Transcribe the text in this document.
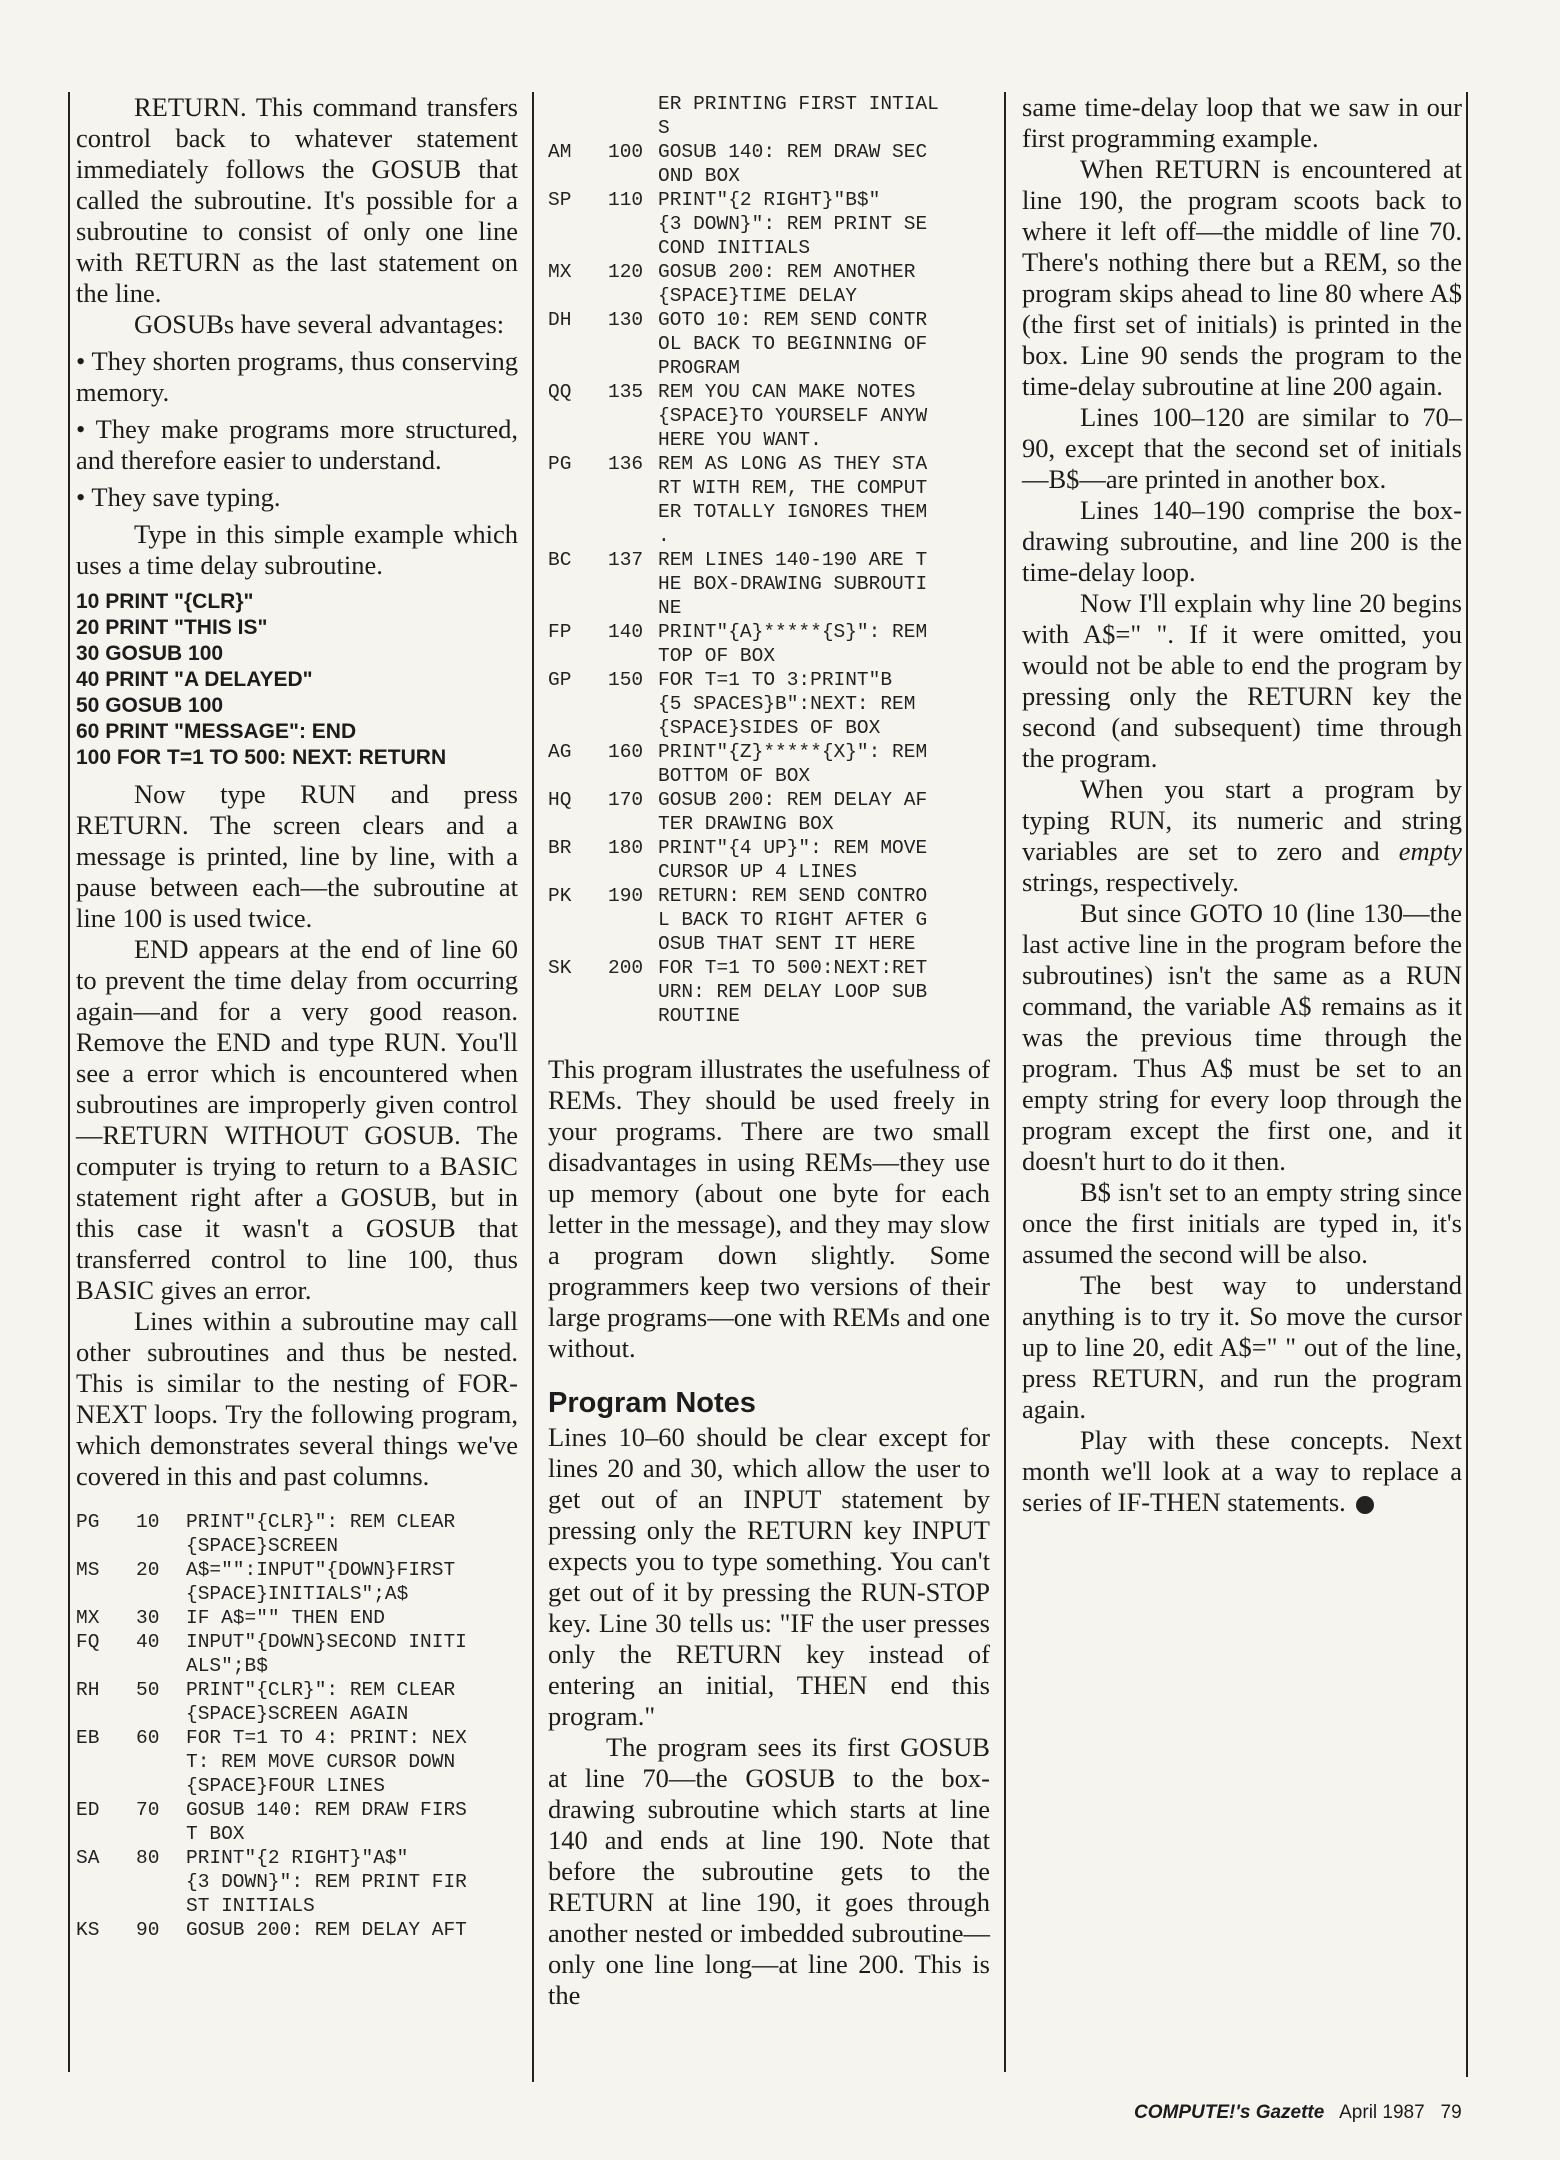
RETURN. This command transfers control back to whatever statement immediately follows the GOSUB that called the subroutine. It's possible for a subroutine to consist of only one line with RETURN as the last statement on the line.

GOSUBs have several advantages:

• They shorten programs, thus conserving memory.

• They make programs more structured, and therefore easier to understand.

• They save typing.

Type in this simple example which uses a time delay subroutine.

10 PRINT "{CLR}"
20 PRINT "THIS IS"
30 GOSUB 100
40 PRINT "A DELAYED"
50 GOSUB 100
60 PRINT "MESSAGE": END
100 FOR T=1 TO 500: NEXT: RETURN

Now type RUN and press RETURN. The screen clears and a message is printed, line by line, with a pause between each—the subroutine at line 100 is used twice.

END appears at the end of line 60 to prevent the time delay from occurring again—and for a very good reason. Remove the END and type RUN. You'll see a error which is encountered when subroutines are improperly given control—RETURN WITHOUT GOSUB. The computer is trying to return to a BASIC statement right after a GOSUB, but in this case it wasn't a GOSUB that transferred control to line 100, thus BASIC gives an error.

Lines within a subroutine may call other subroutines and thus be nested. This is similar to the nesting of FOR-NEXT loops. Try the following program, which demonstrates several things we've covered in this and past columns.

PG	10	PRINT"{CLR}": REM CLEAR
{SPACE}SCREEN
MS	20	A$="":INPUT"{DOWN}FIRST
{SPACE}INITIALS";A$
MX	30	IF A$="" THEN END
FQ	40	INPUT"{DOWN}SECOND INITI
ALS";B$
RH	50	PRINT"{CLR}": REM CLEAR
{SPACE}SCREEN AGAIN
EB	60	FOR T=1 TO 4: PRINT: NEX
T: REM MOVE CURSOR DOWN
{SPACE}FOUR LINES
ED	70	GOSUB 140: REM DRAW FIRS
T BOX
SA	80	PRINT"{2 RIGHT}"A$"
{3 DOWN}": REM PRINT FIR
ST INITIALS
KS	90	GOSUB 200: REM DELAY AFT
ER PRINTING FIRST INTIAL
S
AM	100 GOSUB 140: REM DRAW SEC
OND BOX
SP	110 PRINT"{2 RIGHT}"B$"
{3 DOWN}": REM PRINT SE
COND INITIALS
MX	120 GOSUB 200: REM ANOTHER
{SPACE}TIME DELAY
DH	130 GOTO 10: REM SEND CONTR
OL BACK TO BEGINNING OF
PROGRAM
QQ	135 REM YOU CAN MAKE NOTES
{SPACE}TO YOURSELF ANYW
HERE YOU WANT.
PG	136 REM AS LONG AS THEY STA
RT WITH REM, THE COMPUT
ER TOTALLY IGNORES THEM
.
BC	137 REM LINES 140-190 ARE T
HE BOX-DRAWING SUBROUTI
NE
FP	140 PRINT"{A}*****{S}": REM
TOP OF BOX
GP	150 FOR T=1 TO 3:PRINT"B
{5 SPACES}B":NEXT: REM
{SPACE}SIDES OF BOX
AG	160 PRINT"{Z}*****{X}": REM
BOTTOM OF BOX
HQ	170 GOSUB 200: REM DELAY AF
TER DRAWING BOX
BR	180 PRINT"{4 UP}": REM MOVE
CURSOR UP 4 LINES
PK	190 RETURN: REM SEND CONTRO
L BACK TO RIGHT AFTER G
OSUB THAT SENT IT HERE
SK	200 FOR T=1 TO 500:NEXT:RET
URN: REM DELAY LOOP SUB
ROUTINE

This program illustrates the usefulness of REMs. They should be used freely in your programs. There are two small disadvantages in using REMs—they use up memory (about one byte for each letter in the message), and they may slow a program down slightly. Some programmers keep two versions of their large programs—one with REMs and one without.

Program Notes

Lines 10–60 should be clear except for lines 20 and 30, which allow the user to get out of an INPUT statement by pressing only the RETURN key INPUT expects you to type something. You can't get out of it by pressing the RUN-STOP key. Line 30 tells us: "IF the user presses only the RETURN key instead of entering an initial, THEN end this program."

The program sees its first GOSUB at line 70—the GOSUB to the box-drawing subroutine which starts at line 140 and ends at line 190. Note that before the subroutine gets to the RETURN at line 190, it goes through another nested or imbedded subroutine—only one line long—at line 200. This is the

same time-delay loop that we saw in our first programming example.

When RETURN is encountered at line 190, the program scoots back to where it left off—the middle of line 70. There's nothing there but a REM, so the program skips ahead to line 80 where A$ (the first set of initials) is printed in the box. Line 90 sends the program to the time-delay subroutine at line 200 again.

Lines 100–120 are similar to 70–90, except that the second set of initials—B$—are printed in another box.

Lines 140–190 comprise the box-drawing subroutine, and line 200 is the time-delay loop.

Now I'll explain why line 20 begins with A$=" ". If it were omitted, you would not be able to end the program by pressing only the RETURN key the second (and subsequent) time through the program.

When you start a program by typing RUN, its numeric and string variables are set to zero and empty strings, respectively.

But since GOTO 10 (line 130—the last active line in the program before the subroutines) isn't the same as a RUN command, the variable A$ remains as it was the previous time through the program. Thus A$ must be set to an empty string for every loop through the program except the first one, and it doesn't hurt to do it then.

B$ isn't set to an empty string since once the first initials are typed in, it's assumed the second will be also.

The best way to understand anything is to try it. So move the cursor up to line 20, edit A$=" " out of the line, press RETURN, and run the program again.

Play with these concepts. Next month we'll look at a way to replace a series of IF-THEN statements.

COMPUTE!'s Gazette April 1987 79
